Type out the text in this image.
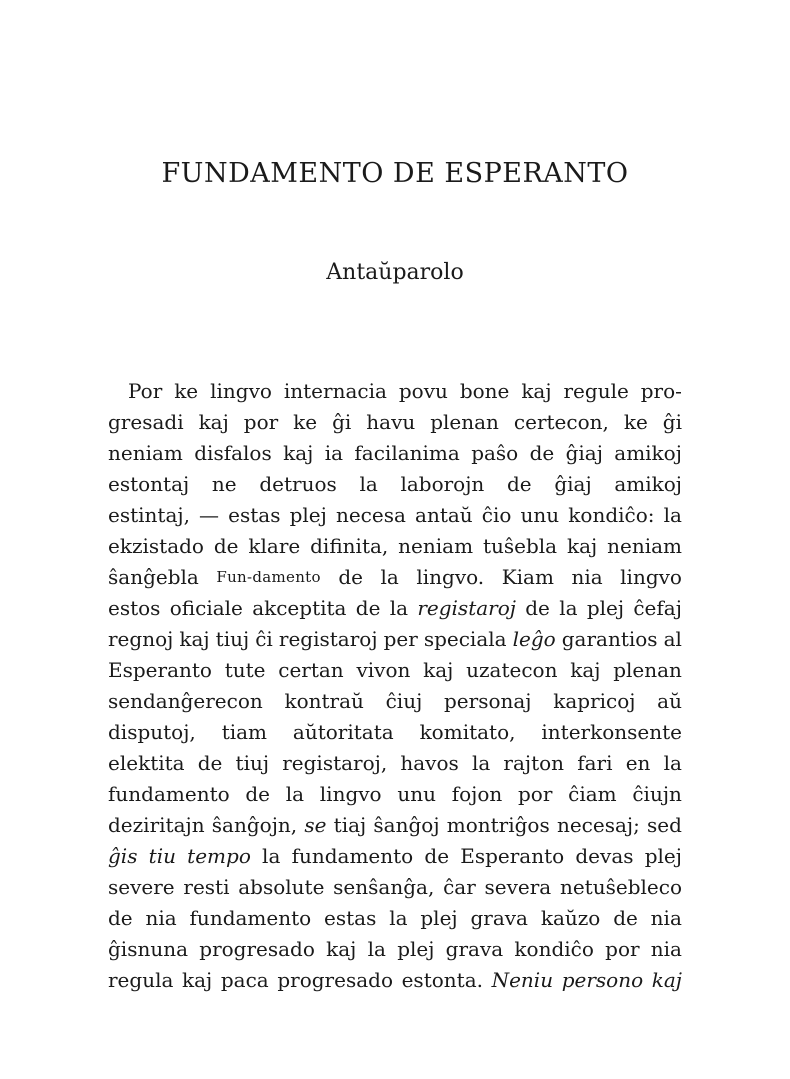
FUNDAMENTO DE ESPERANTO
Antaŭparolo
Por ke lingvo internacia povu bone kaj regule pro-
gresadi kaj por ke ĝi havu plenan certecon, ke ĝi
neniam disfalos kaj ia facilanima paŝo de ĝiaj amikoj
estontaj ne detruos la laborojn de ĝiaj amikoj
estintaj, — estas plej necesa antaŭ ĉio unu kondiĉo: la
ekzistado de klare difinita, neniam tuŝebla kaj neniam
ŝanĝebla Fun-damento de la lingvo. Kiam nia lingvo
estos oficiale akceptita de la registaroj de la plej ĉefaj
regnoj kaj tiuj ĉi registaroj per speciala leĝo garantios al
Esperanto tute certan vivon kaj uzatecon kaj plenan
sendanĝerecon kontraŭ ĉiuj personaj kapricoj aŭ
disputoj, tiam aŭtoritata komitato, interkonsente
elektita de tiuj registaroj, havos la rajton fari en la
fundamento de la lingvo unu fojon por ĉiam ĉiujn
deziritajn ŝanĝojn, se tiaj ŝanĝoj montriĝos necesaj; sed
ĝis tiu tempo la fundamento de Esperanto devas plej
severe resti absolute senŝanĝa, ĉar severa netuŝebleco
de nia fundamento estas la plej grava kaŭzo de nia
ĝisnuna progresado kaj la plej grava kondiĉo por nia
regula kaj paca progresado estonta. Neniu persono kaj
